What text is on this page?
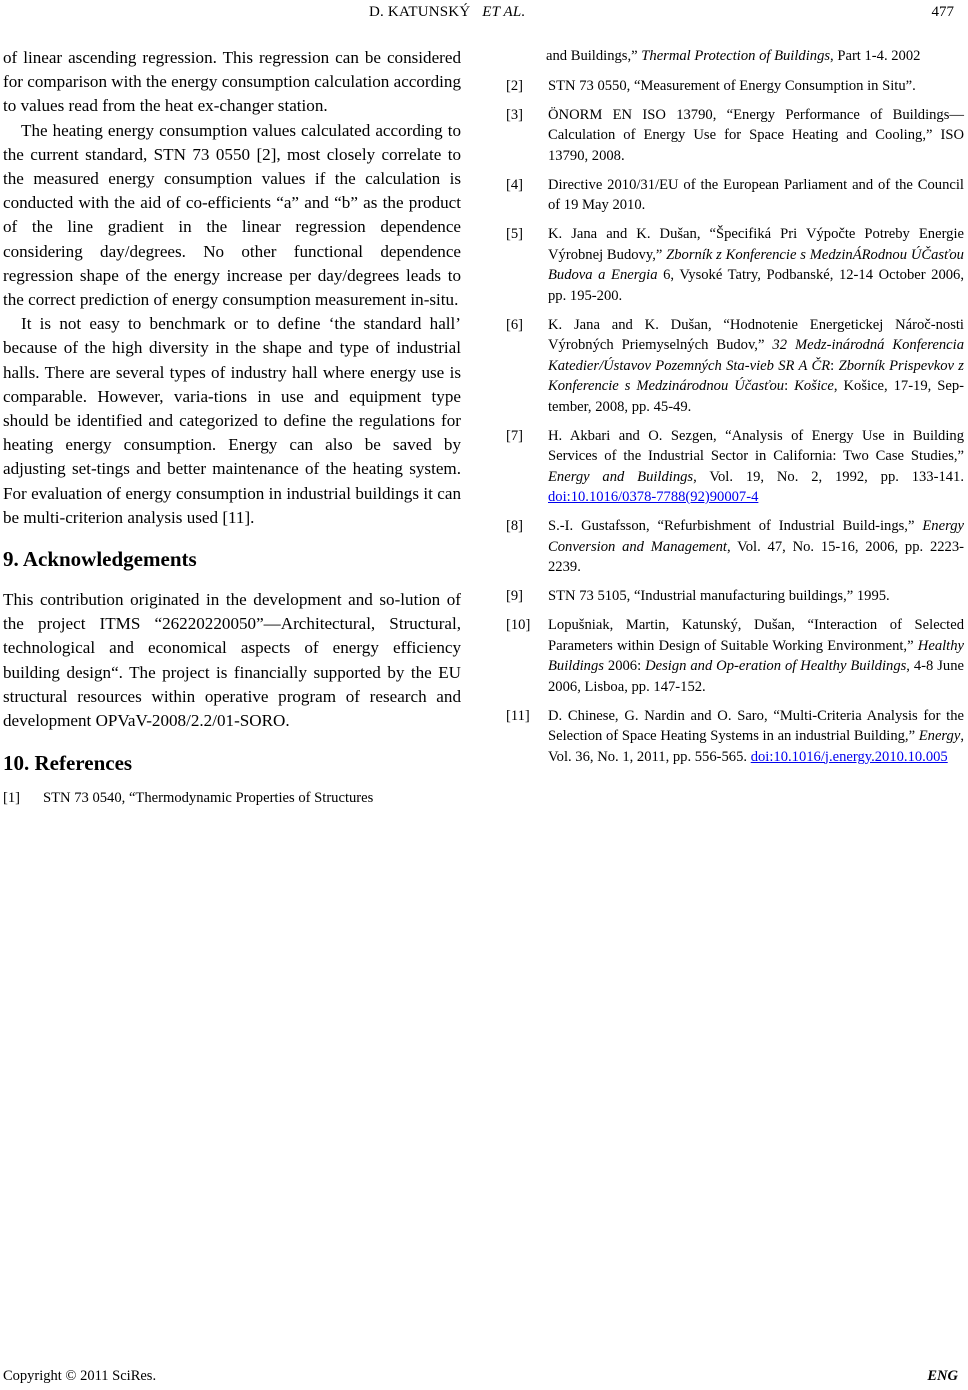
D. KATUNSKÝ ET AL.	477

of linear ascending regression. This regression can be considered for comparison with the energy consumption calculation according to values read from the heat ex-changer station.

The heating energy consumption values calculated according to the current standard, STN 73 0550 [2], most closely correlate to the measured energy consumption values if the calculation is conducted with the aid of co-efficients “a” and “b” as the product of the line gradient in the linear regression dependence considering day/degrees. No other functional dependence regression shape of the energy increase per day/degrees leads to the correct prediction of energy consumption measurement in-situ.

It is not easy to benchmark or to define ‘the standard hall’ because of the high diversity in the shape and type of industrial halls. There are several types of industry hall where energy use is comparable. However, varia-tions in use and equipment type should be identified and categorized to define the regulations for heating energy consumption. Energy can also be saved by adjusting set-tings and better maintenance of the heating system. For evaluation of energy consumption in industrial buildings it can be multi-criterion analysis used [11].

9. Acknowledgements

This contribution originated in the development and so-lution of the project ITMS “26220220050”―Architectural, Structural, technological and economical aspects of energy efficiency building design“. The project is financially supported by the EU structural resources within operative program of research and development OPVaV-2008/2.2/01-SORO.

10. References
[1] STN 73 0540, “Thermodynamic Properties of Structures
and Buildings,” Thermal Protection of Buildings, Part 1-4. 2002
[2] STN 73 0550, “Measurement of Energy Consumption in Situ”.
[3] ÖNORM EN ISO 13790, “Energy Performance of Buildings—Calculation of Energy Use for Space Heating and Cooling,” ISO 13790, 2008.
[4] Directive 2010/31/EU of the European Parliament and of the Council of 19 May 2010.
[5] K. Jana and K. Dušan, “Špecifiká Pri Výpočte Potreby Energie Výrobnej Budovy,” Zborník z Konferencie s MedzinÁRodnou ÚČasťou Budova a Energia 6, Vysoké Tatry, Podbanské, 12-14 October 2006, pp. 195-200.
[6] K. Jana and K. Dušan, “Hodnotenie Energetickej Nároč-nosti Výrobných Priemyselných Budov,” 32 Medz-inárodná Konferencia Katedier/Ústavov Pozemných Sta-vieb SR A ČR: Zborník Prispevkov z Konferencie s Medzinárodnou Účasťou: Košice, Košice, 17-19, Sep-tember, 2008, pp. 45-49.
[7] H. Akbari and O. Sezgen, “Analysis of Energy Use in Building Services of the Industrial Sector in California: Two Case Studies,” Energy and Buildings, Vol. 19, No. 2, 1992, pp. 133-141. doi:10.1016/0378-7788(92)90007-4
[8] S.-I. Gustafsson, “Refurbishment of Industrial Build-ings,” Energy Conversion and Management, Vol. 47, No. 15-16, 2006, pp. 2223-2239.
[9] STN 73 5105, “Industrial manufacturing buildings,” 1995.
[10] Lopušniak, Martin, Katunský, Dušan, “Interaction of Selected Parameters within Design of Suitable Working Environment,” Healthy Buildings 2006: Design and Op-eration of Healthy Buildings, 4-8 June 2006, Lisboa, pp. 147-152.
[11] D. Chinese, G. Nardin and O. Saro, “Multi-Criteria Analysis for the Selection of Space Heating Systems in an industrial Building,” Energy, Vol. 36, No. 1, 2011, pp. 556-565. doi:10.1016/j.energy.2010.10.005
Copyright © 2011 SciRes.	ENG
